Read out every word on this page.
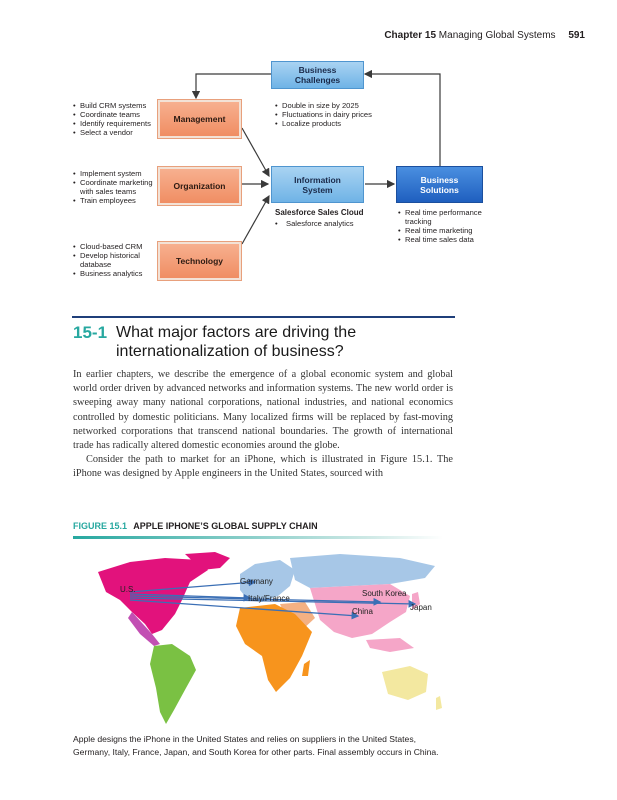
Chapter 15 Managing Global Systems 591
Business Challenges
Management
Organization
Technology
Information System
Business Solutions
• Build CRM systems
• Coordinate teams
• Identify requirements
• Select a vendor
• Implement system
• Coordinate marketing with sales teams
• Train employees
• Cloud-based CRM
• Develop historical database
• Business analytics
• Double in size by 2025
• Fluctuations in dairy prices
• Localize products
Salesforce Sales Cloud
• Salesforce analytics
• Real time performance tracking
• Real time marketing
• Real time sales data
15-1 What major factors are driving the internationalization of business?

In earlier chapters, we describe the emergence of a global economic system and global world order driven by advanced networks and information systems. The new world order is sweeping away many national corporations, national industries, and national economics controlled by domestic politicians. Many localized firms will be replaced by fast-moving networked corporations that transcend national boundaries. The growth of international trade has radically altered domestic economies around the globe.

Consider the path to market for an iPhone, which is illustrated in Figure 15.1. The iPhone was designed by Apple engineers in the United States, sourced with

FIGURE 15.1 APPLE IPHONE’S GLOBAL SUPPLY CHAIN
U.S.
Germany
Italy/France
South Korea
China	Japan
Apple designs the iPhone in the United States and relies on suppliers in the United States, Germany, Italy, France, Japan, and South Korea for other parts. Final assembly occurs in China.
